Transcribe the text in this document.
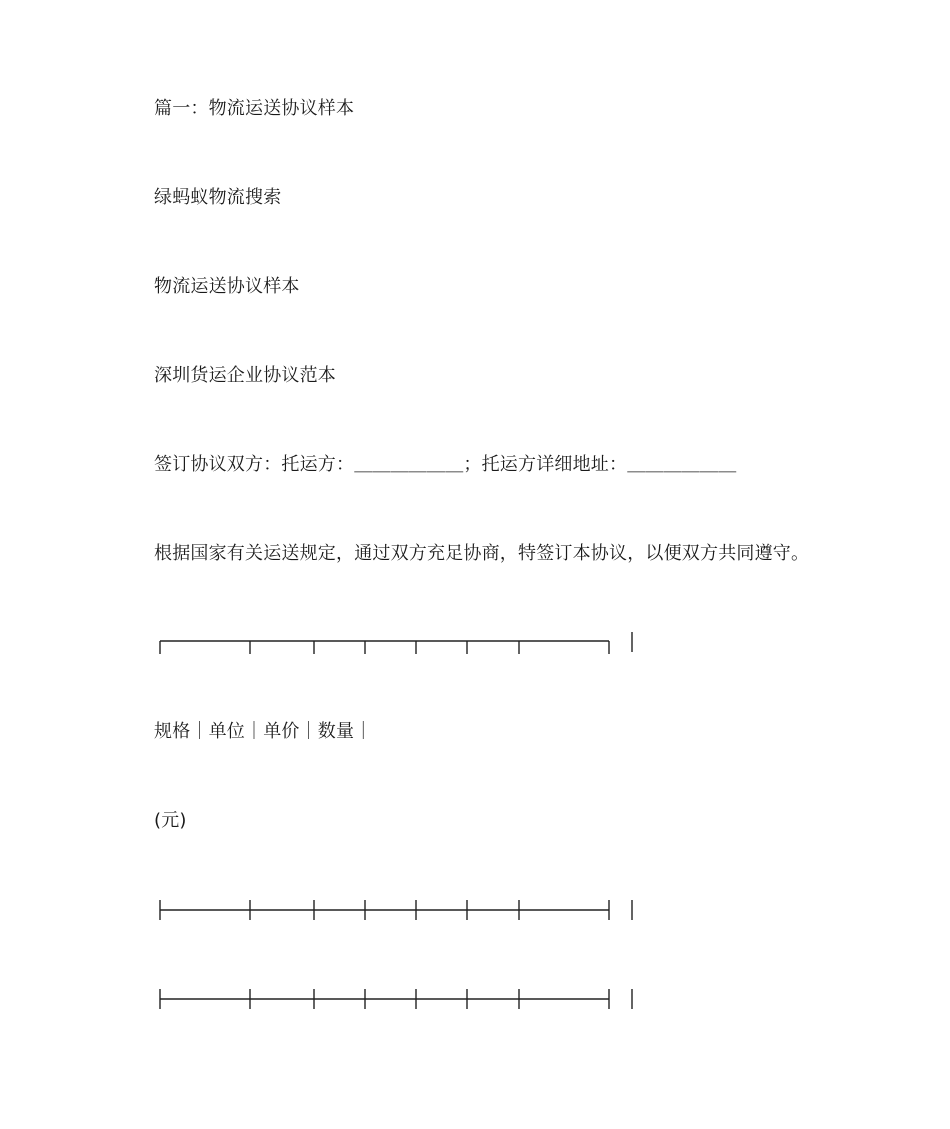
篇一：物流运送协议样本
绿蚂蚁物流搜索
物流运送协议样本
深圳货运企业协议范本
签订协议双方：托运方：＿＿＿＿＿＿；托运方详细地址：＿＿＿＿＿＿
根据国家有关运送规定，通过双方充足协商，特签订本协议，以便双方共同遵守。
规格｜单位｜单价｜数量｜
(元)
